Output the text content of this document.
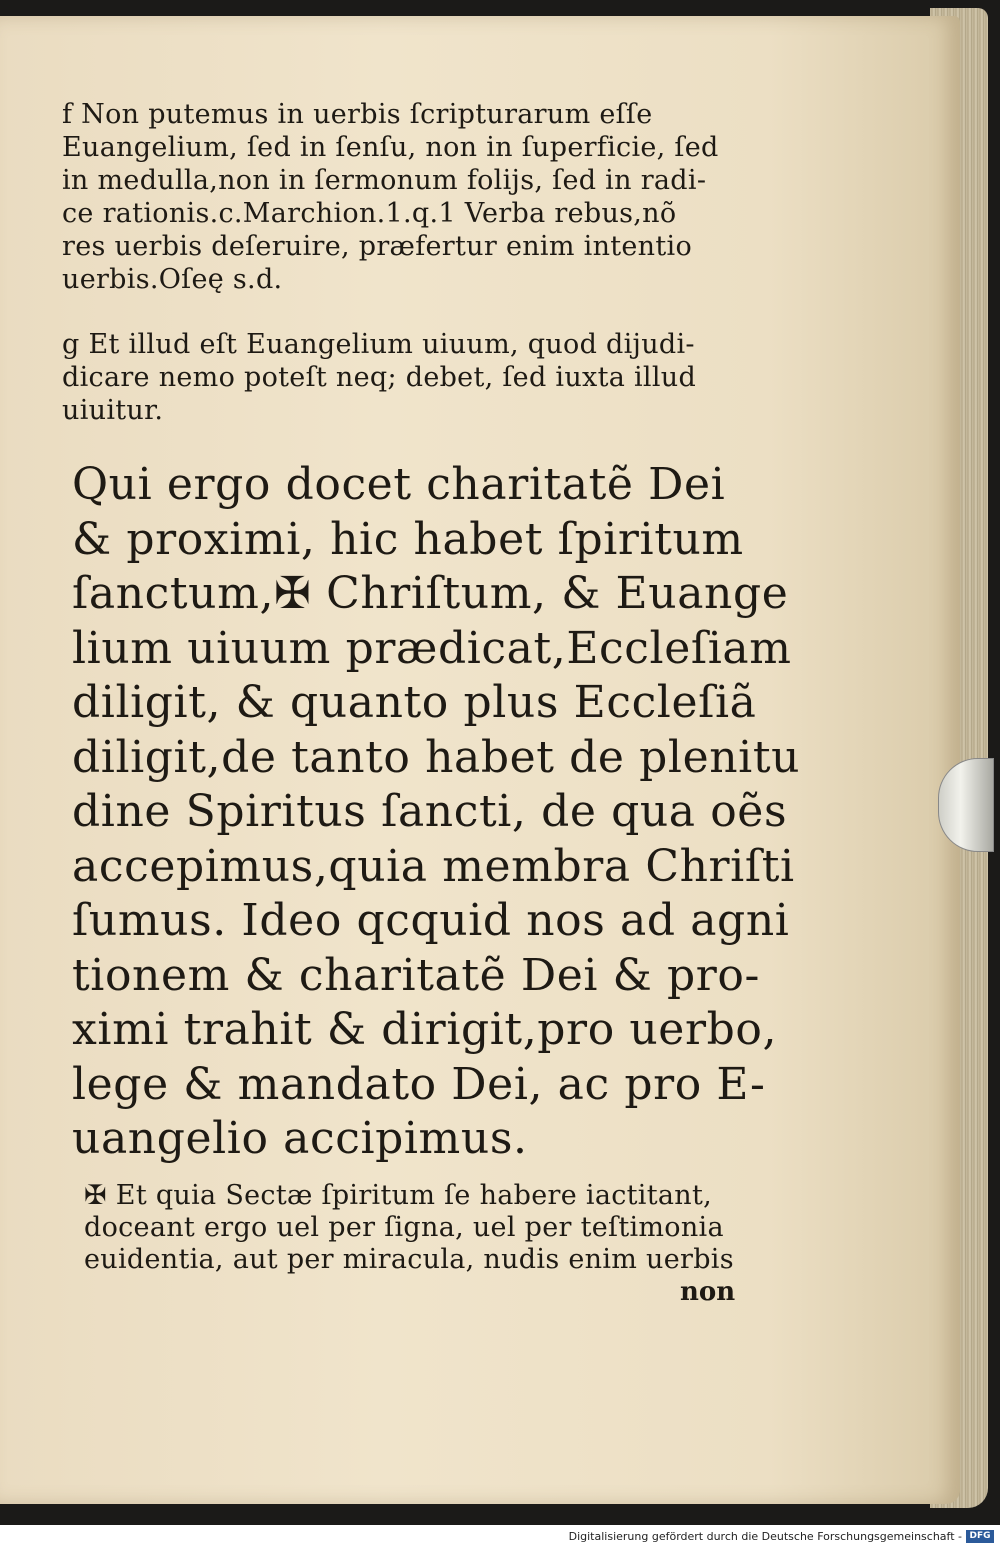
f Non putemus in uerbis ſcripturarum eſſe
Euangelium, ſed in ſenſu, non in ſuperficie, ſed
in medulla,non in ſermonum folijs, ſed in radi-
ce rationis.c.Marchion.1.q.1 Verba rebus,nõ
res uerbis deſeruire, præfertur enim intentio
uerbis.Oſeę s.d.
g Et illud eſt Euangelium uiuum, quod dijudi-
dicare nemo poteſt neq; debet, ſed iuxta illud
uiuitur.
Qui ergo docet charitatẽ Dei
& proximi, hic habet ſpiritum
ſanctum,✠ Chriſtum, & Euange
lium uiuum prædicat,Eccleſiam
diligit, & quanto plus Eccleſiã
diligit,de tanto habet de plenitu
dine Spiritus ſancti, de qua oẽs
accepimus,quia membra Chriſti
ſumus. Ideo qcquid nos ad agni
tionem & charitatẽ Dei & pro-
ximi trahit & dirigit,pro uerbo,
lege & mandato Dei, ac pro E-
uangelio accipimus.
✠ Et quia Sectæ ſpiritum ſe habere iactitant,
doceant ergo uel per ſigna, uel per teſtimonia
euidentia, aut per miracula, nudis enim uerbis
non
Digitalisierung gefördert durch die Deutsche Forschungsgemeinschaft - DFG
